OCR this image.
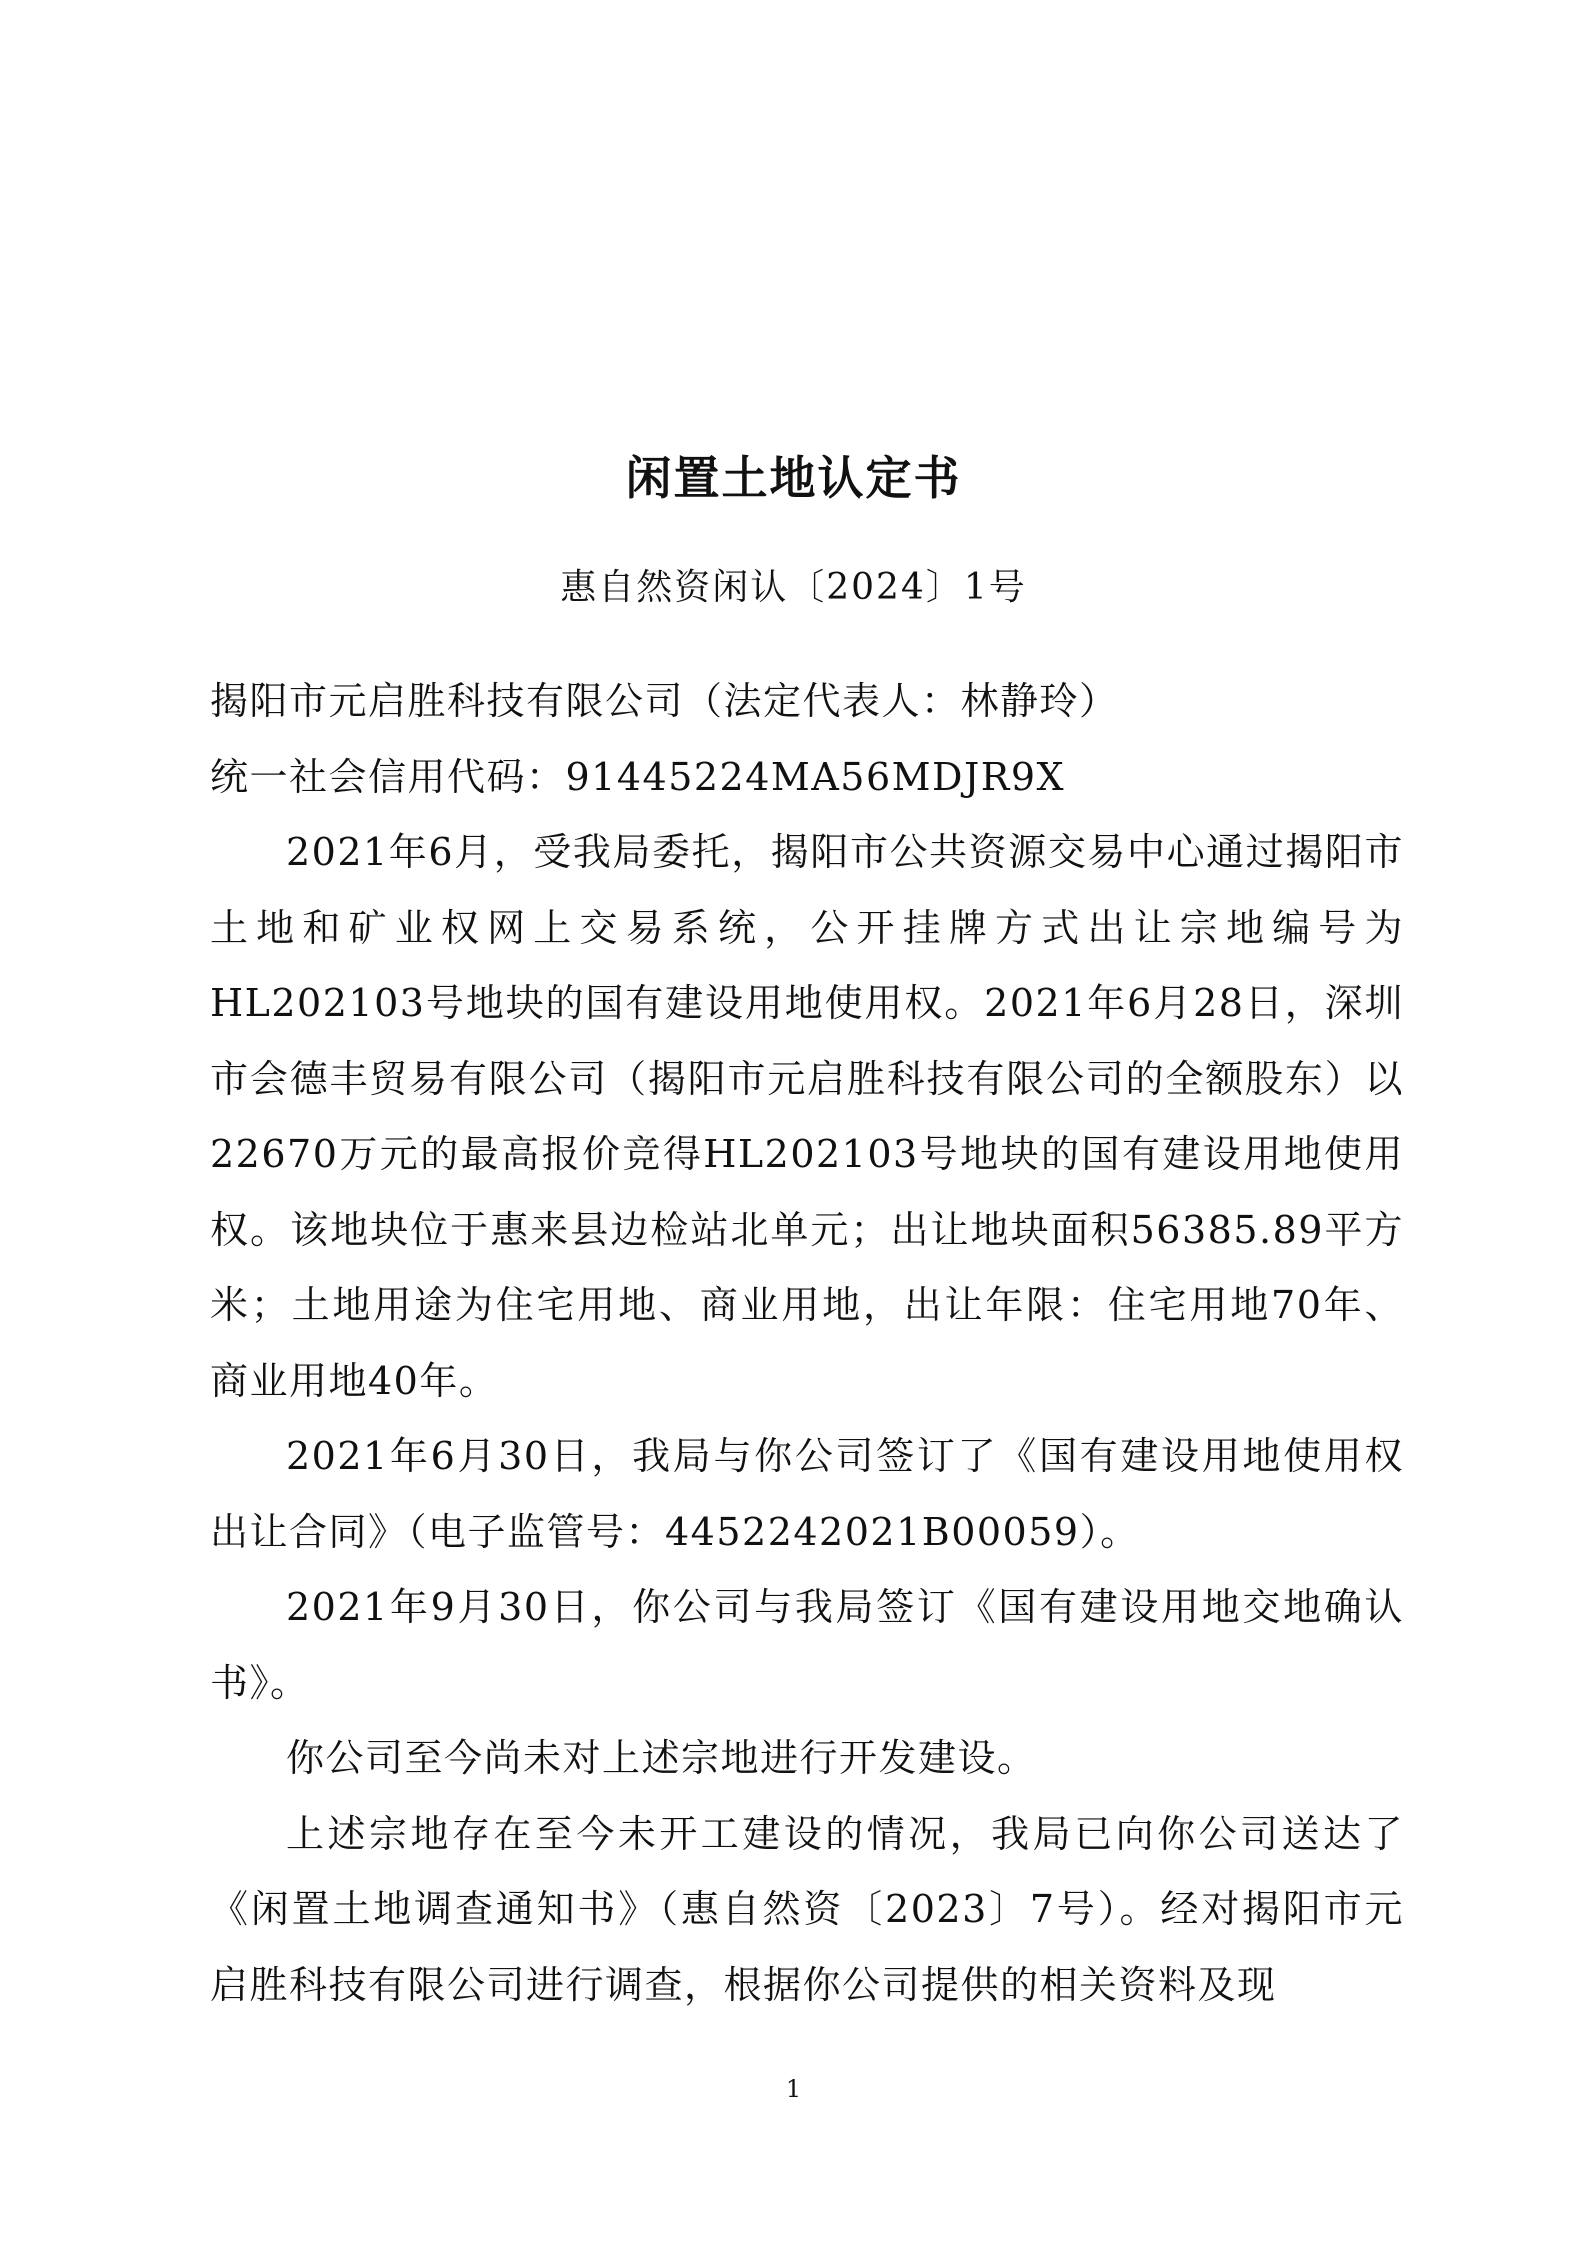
闲置土地认定书
惠自然资闲认〔2024〕1号

揭阳市元启胜科技有限公司（法定代表人：林静玲）

统一社会信用代码：91445224MA56MDJR9X

2021年6月，受我局委托，揭阳市公共资源交易中心通过揭阳市土地和矿业权网上交易系统，公开挂牌方式出让宗地编号为HL202103号地块的国有建设用地使用权。2021年6月28日，深圳市会德丰贸易有限公司（揭阳市元启胜科技有限公司的全额股东）以22670万元的最高报价竞得HL202103号地块的国有建设用地使用权。该地块位于惠来县边检站北单元；出让地块面积56385.89平方米；土地用途为住宅用地、商业用地，出让年限：住宅用地70年、商业用地40年。

2021年6月30日，我局与你公司签订了《国有建设用地使用权出让合同》（电子监管号：4452242021B00059）。

2021年9月30日，你公司与我局签订《国有建设用地交地确认书》。

你公司至今尚未对上述宗地进行开发建设。

上述宗地存在至今未开工建设的情况，我局已向你公司送达了《闲置土地调查通知书》（惠自然资〔2023〕7号）。经对揭阳市元启胜科技有限公司进行调查，根据你公司提供的相关资料及现

1
